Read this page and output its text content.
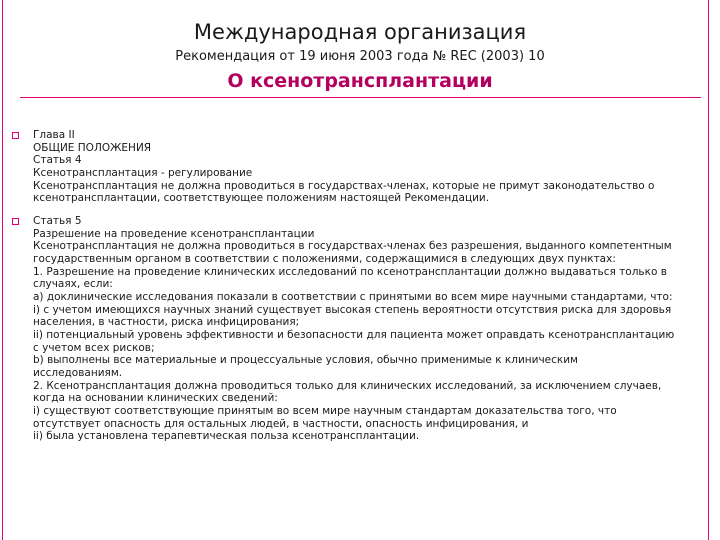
Международная организация
Рекомендация от 19 июня 2003 года № REC (2003) 10
О ксенотрансплантации
Глава II
ОБЩИЕ ПОЛОЖЕНИЯ
Статья 4
Ксенотрансплантация - регулирование
Ксенотрансплантация не должна проводиться в государствах-членах, которые не примут законодательство о
ксенотрансплантации, соответствующее положениям настоящей Рекомендации.
Статья 5
Разрешение на проведение ксенотрансплантации
Ксенотрансплантация не должна проводиться в государствах-членах без разрешения, выданного компетентным
государственным органом в соответствии с положениями, содержащимися в следующих двух пунктах:
1. Разрешение на проведение клинических исследований по ксенотрансплантации должно выдаваться только в
случаях, если:
a) доклинические исследования показали в соответствии с принятыми во всем мире научными стандартами, что:
i) с учетом имеющихся научных знаний существует высокая степень вероятности отсутствия риска для здоровья
населения, в частности, риска инфицирования;
ii) потенциальный уровень эффективности и безопасности для пациента может оправдать ксенотрансплантацию
с учетом всех рисков;
b) выполнены все материальные и процессуальные условия, обычно применимые к клиническим
исследованиям.
2. Ксенотрансплантация должна проводиться только для клинических исследований, за исключением случаев,
когда на основании клинических сведений:
i) существуют соответствующие принятым во всем мире научным стандартам доказательства того, что
отсутствует опасность для остальных людей, в частности, опасность инфицирования, и
ii) была установлена терапевтическая польза ксенотрансплантации.
